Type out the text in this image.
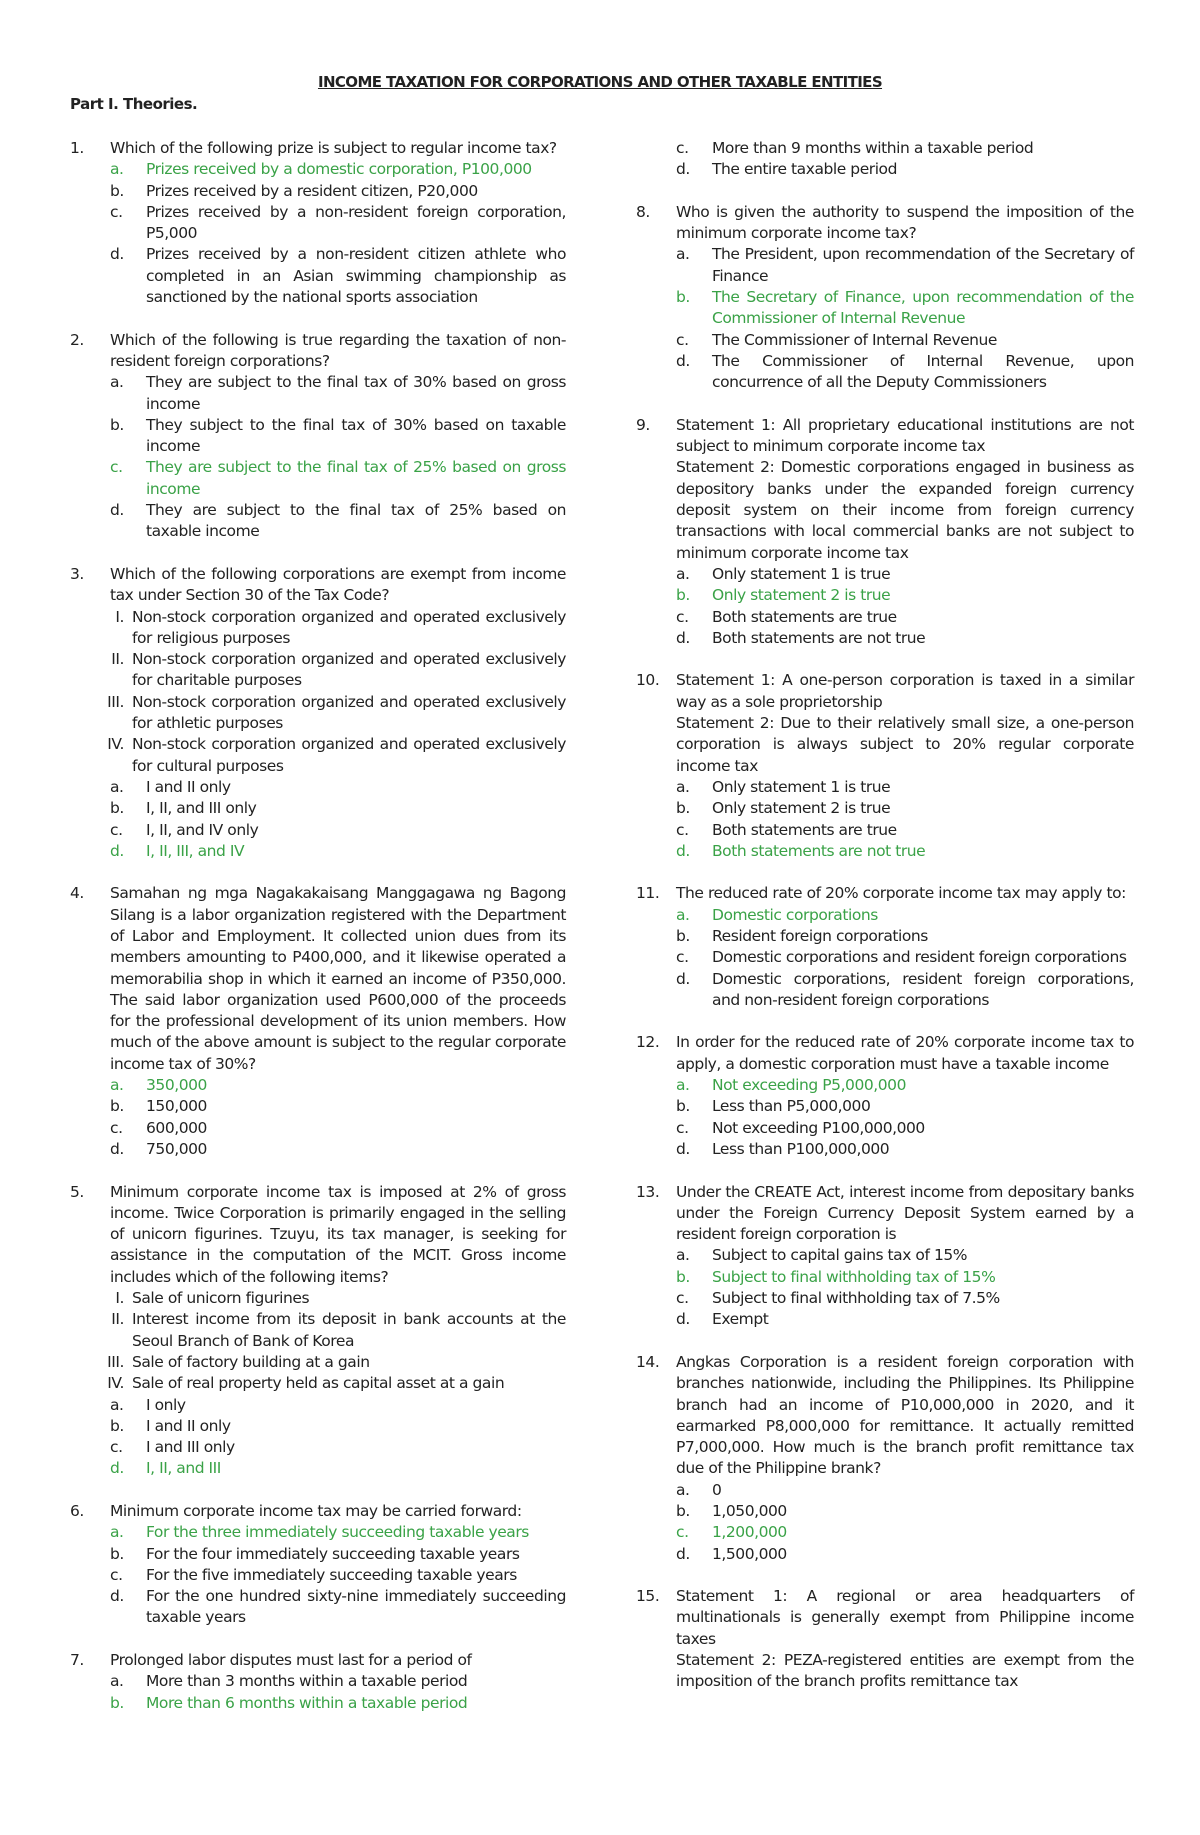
INCOME TAXATION FOR CORPORATIONS AND OTHER TAXABLE ENTITIES
Part I. Theories.
1.	Which of the following prize is subject to regular income tax?
a.	Prizes received by a domestic corporation, P100,000
b.	Prizes received by a resident citizen, P20,000
c.	Prizes received by a non-resident foreign corporation, P5,000
d.	Prizes received by a non-resident citizen athlete who completed in an Asian swimming championship as sanctioned by the national sports association
2.	Which of the following is true regarding the taxation of non-resident foreign corporations?
a.	They are subject to the final tax of 30% based on gross income
b.	They subject to the final tax of 30% based on taxable income
c.	They are subject to the final tax of 25% based on gross income
d.	They are subject to the final tax of 25% based on taxable income
3.	Which of the following corporations are exempt from income tax under Section 30 of the Tax Code?
I. Non-stock corporation organized and operated exclusively for religious purposes
II. Non-stock corporation organized and operated exclusively for charitable purposes
III. Non-stock corporation organized and operated exclusively for athletic purposes
IV. Non-stock corporation organized and operated exclusively for cultural purposes
a.	I and II only
b.	I, II, and III only
c.	I, II, and IV only
d.	I, II, III, and IV
4.	Samahan ng mga Nagakakaisang Manggagawa ng Bagong Silang is a labor organization registered with the Department of Labor and Employment. It collected union dues from its members amounting to P400,000, and it likewise operated a memorabilia shop in which it earned an income of P350,000. The said labor organization used P600,000 of the proceeds for the professional development of its union members. How much of the above amount is subject to the regular corporate income tax of 30%?
a.	350,000
b.	150,000
c.	600,000
d.	750,000
5.	Minimum corporate income tax is imposed at 2% of gross income. Twice Corporation is primarily engaged in the selling of unicorn figurines. Tzuyu, its tax manager, is seeking for assistance in the computation of the MCIT. Gross income includes which of the following items?
I. Sale of unicorn figurines
II. Interest income from its deposit in bank accounts at the Seoul Branch of Bank of Korea
III. Sale of factory building at a gain
IV. Sale of real property held as capital asset at a gain
a.	I only
b.	I and II only
c.	I and III only
d.	I, II, and III
6.	Minimum corporate income tax may be carried forward:
a.	For the three immediately succeeding taxable years
b.	For the four immediately succeeding taxable years
c.	For the five immediately succeeding taxable years
d.	For the one hundred sixty-nine immediately succeeding taxable years
7.	Prolonged labor disputes must last for a period of
a.	More than 3 months within a taxable period
b.	More than 6 months within a taxable period
c.	More than 9 months within a taxable period
d.	The entire taxable period
8.	Who is given the authority to suspend the imposition of the minimum corporate income tax?
a.	The President, upon recommendation of the Secretary of Finance
b.	The Secretary of Finance, upon recommendation of the Commissioner of Internal Revenue
c.	The Commissioner of Internal Revenue
d.	The Commissioner of Internal Revenue, upon concurrence of all the Deputy Commissioners
9.	Statement 1: All proprietary educational institutions are not subject to minimum corporate income tax
Statement 2: Domestic corporations engaged in business as depository banks under the expanded foreign currency deposit system on their income from foreign currency transactions with local commercial banks are not subject to minimum corporate income tax
a.	Only statement 1 is true
b.	Only statement 2 is true
c.	Both statements are true
d.	Both statements are not true
10.	Statement 1: A one-person corporation is taxed in a similar way as a sole proprietorship
Statement 2: Due to their relatively small size, a one-person corporation is always subject to 20% regular corporate income tax
a.	Only statement 1 is true
b.	Only statement 2 is true
c.	Both statements are true
d.	Both statements are not true
11.	The reduced rate of 20% corporate income tax may apply to:
a.	Domestic corporations
b.	Resident foreign corporations
c.	Domestic corporations and resident foreign corporations
d.	Domestic corporations, resident foreign corporations, and non-resident foreign corporations
12.	In order for the reduced rate of 20% corporate income tax to apply, a domestic corporation must have a taxable income
a.	Not exceeding P5,000,000
b.	Less than P5,000,000
c.	Not exceeding P100,000,000
d.	Less than P100,000,000
13.	Under the CREATE Act, interest income from depositary banks under the Foreign Currency Deposit System earned by a resident foreign corporation is
a.	Subject to capital gains tax of 15%
b.	Subject to final withholding tax of 15%
c.	Subject to final withholding tax of 7.5%
d.	Exempt
14.	Angkas Corporation is a resident foreign corporation with branches nationwide, including the Philippines. Its Philippine branch had an income of P10,000,000 in 2020, and it earmarked P8,000,000 for remittance. It actually remitted P7,000,000. How much is the branch profit remittance tax due of the Philippine brank?
a.	0
b.	1,050,000
c.	1,200,000
d.	1,500,000
15.	Statement 1: A regional or area headquarters of multinationals is generally exempt from Philippine income taxes
Statement 2: PEZA-registered entities are exempt from the imposition of the branch profits remittance tax
